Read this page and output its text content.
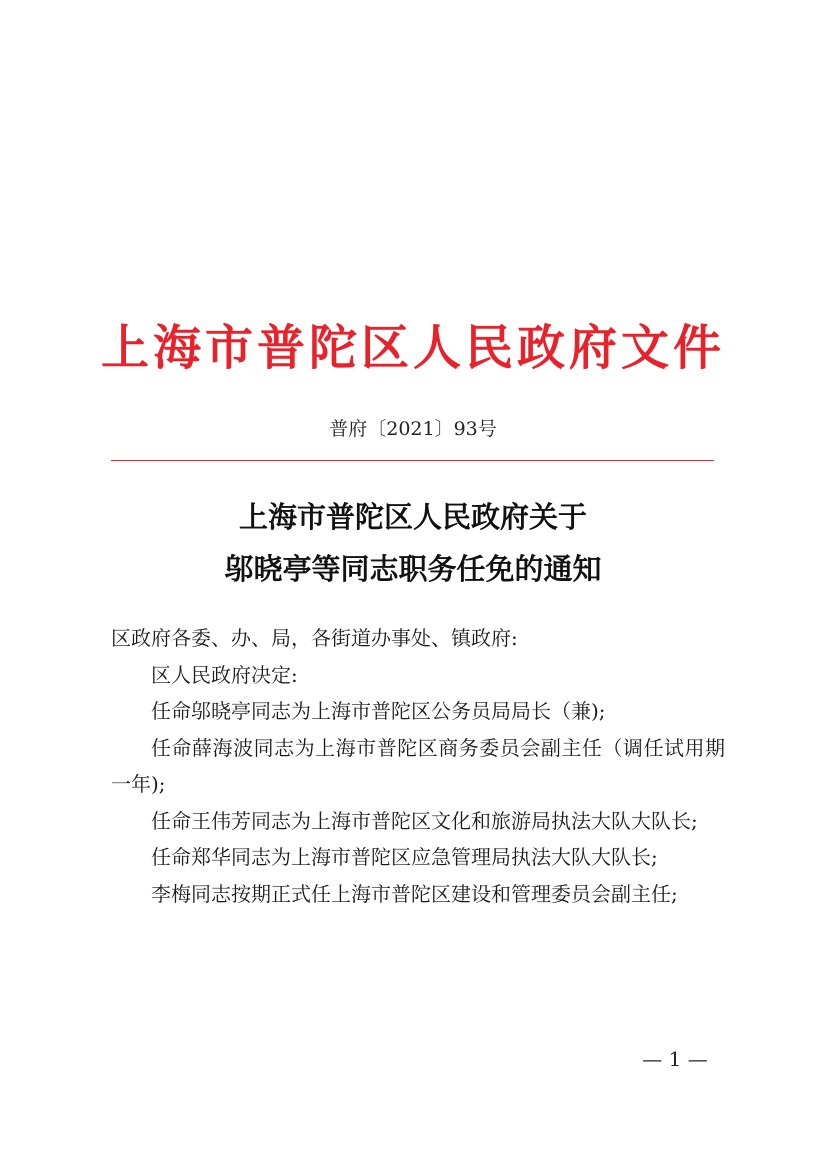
上海市普陀区人民政府文件
普府〔2021〕93号
上海市普陀区人民政府关于
邬晓亭等同志职务任免的通知

区政府各委、办、局，各街道办事处、镇政府:

区人民政府决定:

任命邬晓亭同志为上海市普陀区公务员局局长（兼);

任命薛海波同志为上海市普陀区商务委员会副主任（调任试用期一年);

任命王伟芳同志为上海市普陀区文化和旅游局执法大队大队长;

任命郑华同志为上海市普陀区应急管理局执法大队大队长;

李梅同志按期正式任上海市普陀区建设和管理委员会副主任;

— 1 —
